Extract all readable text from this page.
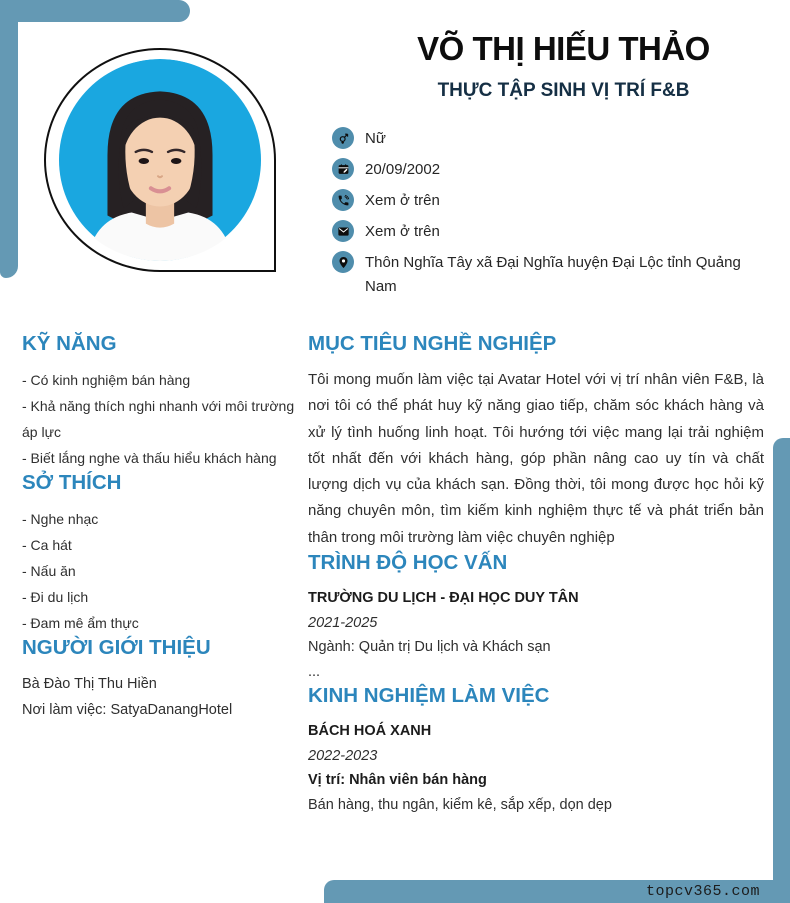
VÕ THỊ HIẾU THẢO
THỰC TẬP SINH VỊ TRÍ F&B
Nữ
20/09/2002
Xem ở trên
Xem ở trên
Thôn Nghĩa Tây xã Đại Nghĩa huyện Đại Lộc tỉnh Quảng Nam
KỸ NĂNG
- Có kinh nghiệm bán hàng
- Khả năng thích nghi nhanh với môi trường áp lực
- Biết lắng nghe và thấu hiểu khách hàng
SỞ THÍCH
- Nghe nhạc
- Ca hát
- Nấu ăn
- Đi du lịch
- Đam mê ẩm thực
NGƯỜI GIỚI THIỆU
Bà Đào Thị Thu Hiền
Nơi làm việc: SatyaDanangHotel
MỤC TIÊU NGHỀ NGHIỆP
Tôi mong muốn làm việc tại Avatar Hotel với vị trí nhân viên F&B, là nơi tôi có thể phát huy kỹ năng giao tiếp, chăm sóc khách hàng và xử lý tình huống linh hoạt. Tôi hướng tới việc mang lại trải nghiệm tốt nhất đến với khách hàng, góp phần nâng cao uy tín và chất lượng dịch vụ của khách sạn. Đồng thời, tôi mong được học hỏi kỹ năng chuyên môn, tìm kiếm kinh nghiệm thực tế và phát triển bản thân trong môi trường làm việc chuyên nghiệp
TRÌNH ĐỘ HỌC VẤN
TRƯỜNG DU LỊCH - ĐẠI HỌC DUY TÂN
2021-2025
Ngành: Quản trị Du lịch và Khách sạn
...
KINH NGHIỆM LÀM VIỆC
BÁCH HOÁ XANH
2022-2023
Vị trí: Nhân viên bán hàng
Bán hàng, thu ngân, kiểm kê, sắp xếp, dọn dẹp
topcv365.com
